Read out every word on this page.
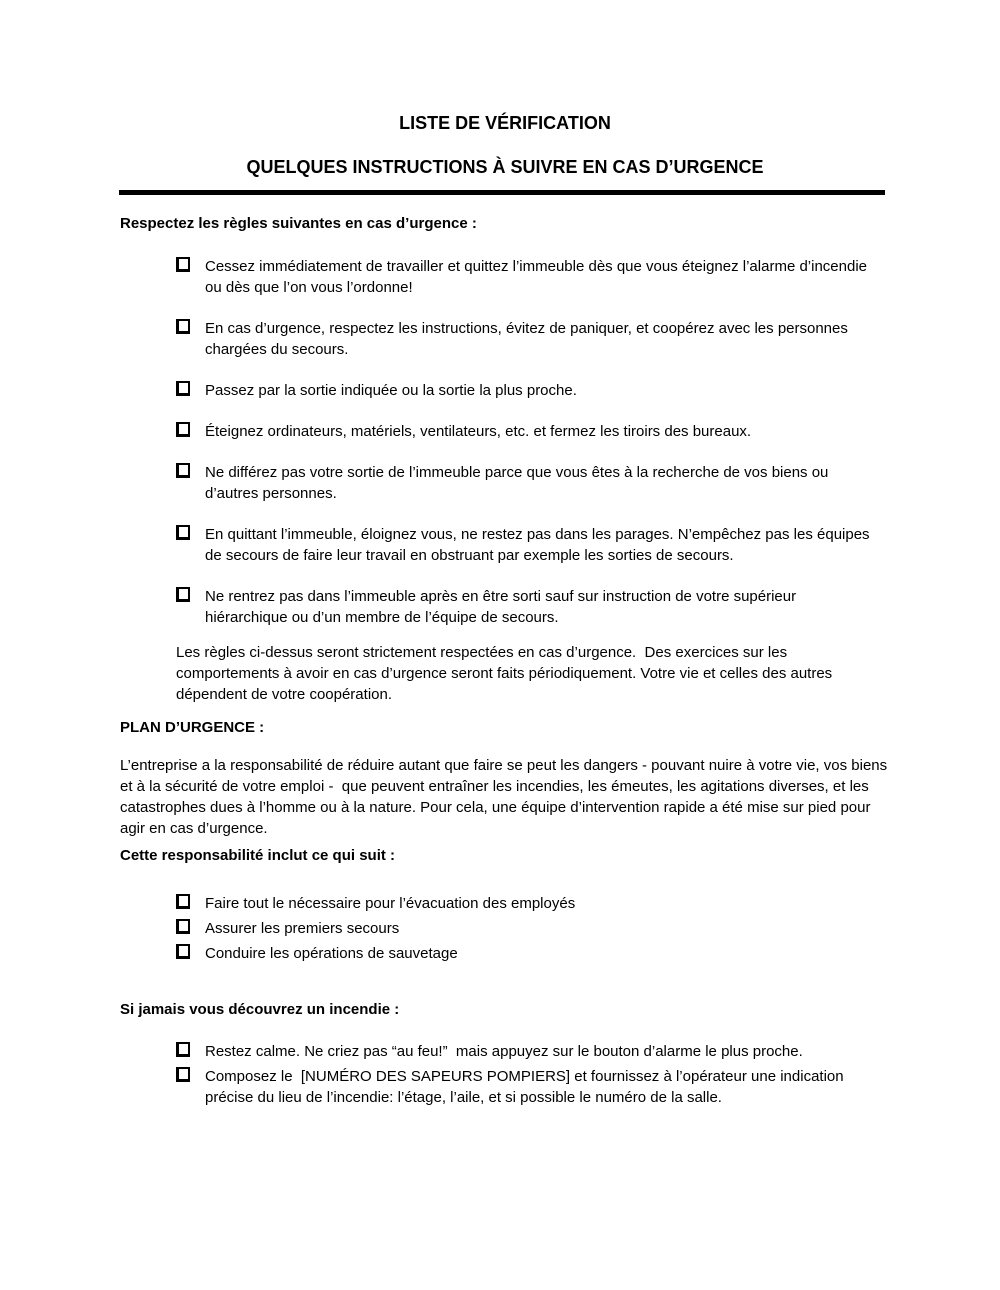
LISTE DE VÉRIFICATION
QUELQUES INSTRUCTIONS À SUIVRE EN CAS D’URGENCE
Respectez les règles suivantes en cas d’urgence :
Cessez immédiatement de travailler et quittez l’immeuble dès que vous éteignez l’alarme d’incendie ou dès que l’on vous l’ordonne!
En cas d’urgence, respectez les instructions, évitez de paniquer, et coopérez avec les personnes chargées du secours.
Passez par la sortie indiquée ou la sortie la plus proche.
Éteignez ordinateurs, matériels, ventilateurs, etc. et fermez les tiroirs des bureaux.
Ne différez pas votre sortie de l’immeuble parce que vous êtes à la recherche de vos biens ou d’autres personnes.
En quittant l’immeuble, éloignez vous, ne restez pas dans les parages. N’empêchez pas les équipes de secours de faire leur travail en obstruant par exemple les sorties de secours.
Ne rentrez pas dans l’immeuble après en être sorti sauf sur instruction de votre supérieur hiérarchique ou d’un membre de l’équipe de secours.

Les règles ci-dessus seront strictement respectées en cas d’urgence.  Des exercices sur les comportements à avoir en cas d’urgence seront faits périodiquement. Votre vie et celles des autres dépendent de votre coopération.

PLAN D’URGENCE :

L’entreprise a la responsabilité de réduire autant que faire se peut les dangers - pouvant nuire à votre vie, vos biens et à la sécurité de votre emploi -  que peuvent entraîner les incendies, les émeutes, les agitations diverses, et les catastrophes dues à l’homme ou à la nature. Pour cela, une équipe d’intervention rapide a été mise sur pied pour agir en cas d’urgence.

Cette responsabilité inclut ce qui suit :
Faire tout le nécessaire pour l’évacuation des employés
Assurer les premiers secours
Conduire les opérations de sauvetage
Si jamais vous découvrez un incendie :
Restez calme. Ne criez pas “au feu!”  mais appuyez sur le bouton d’alarme le plus proche.
Composez le  [NUMÉRO DES SAPEURS POMPIERS] et fournissez à l’opérateur une indication précise du lieu de l’incendie: l’étage, l’aile, et si possible le numéro de la salle.
